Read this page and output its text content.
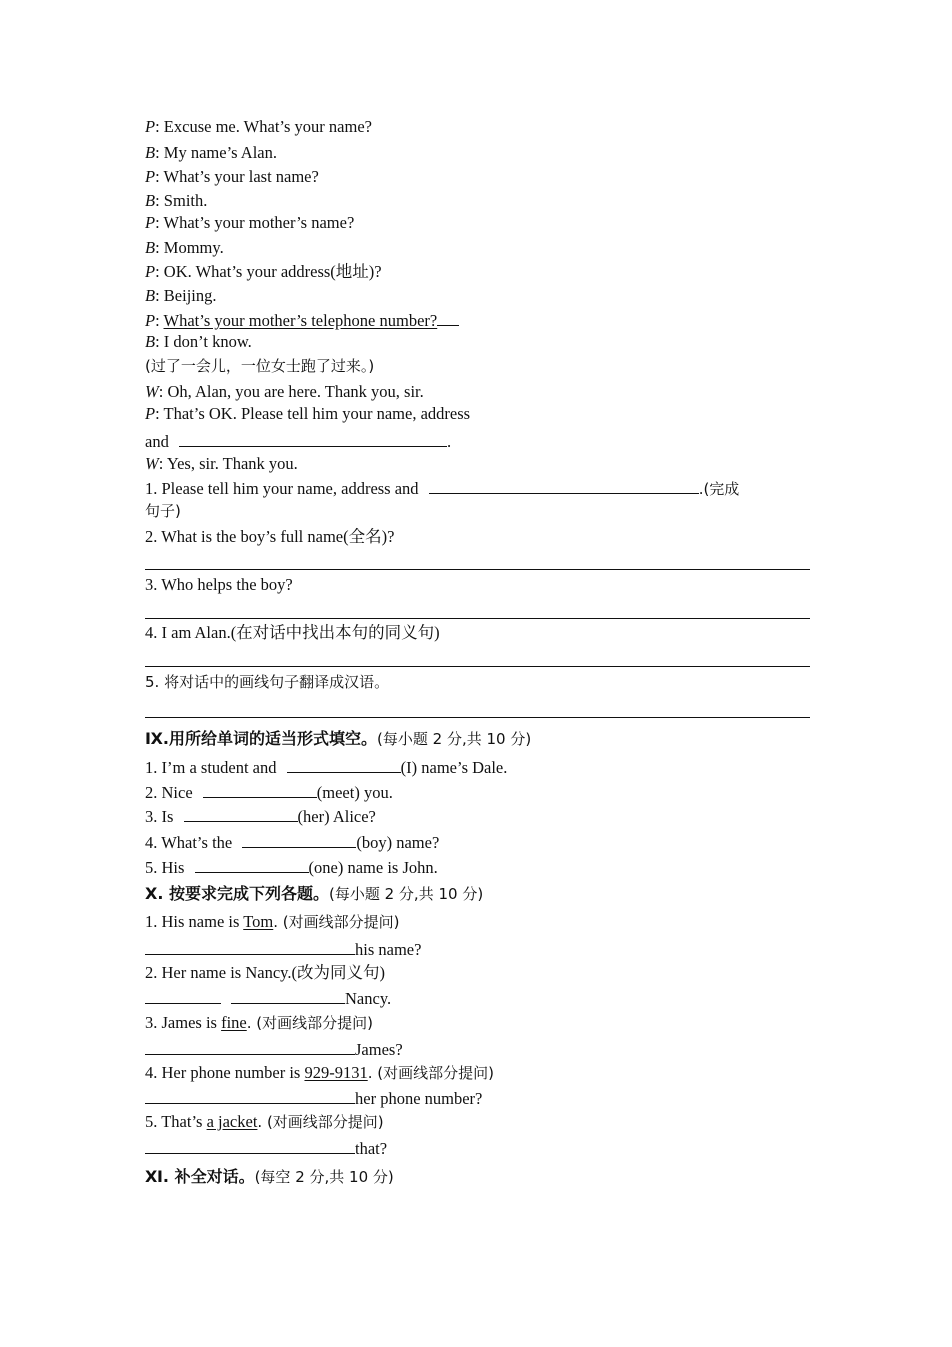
P: Excuse me. What’s your name?
B: My name’s Alan.
P: What’s your last name?
B: Smith.
P: What’s your mother’s name?
B: Mommy.
P: OK. What’s your address(地址)?
B: Beijing.
P: What’s your mother’s telephone number?
B: I don’t know.
(过了一会儿，一位女士跑了过来。)
W: Oh, Alan, you are here. Thank you, sir.
P: That’s OK. Please tell him your name, address
and	.
W: Yes, sir. Thank you.
1. Please tell him your name, address and	.(完成
句子)
2. What is the boy’s full name(全名)?
3. Who helps the boy?
4. I am Alan.(在对话中找出本句的同义句)
5. 将对话中的画线句子翻译成汉语。
Ⅸ.用所给单词的适当形式填空。(每小题 2 分,共 10 分)
1. I’m a student and	(I) name’s Dale.
2. Nice	(meet) you.
3. Is	(her) Alice?
4. What’s the	(boy) name?
5. His	(one) name is John.
Ⅹ. 按要求完成下列各题。(每小题 2 分,共 10 分)
1. His name is Tom. (对画线部分提问)
his name?
2. Her name is Nancy.(改为同义句)
Nancy.
3. James is fine. (对画线部分提问)
James?
4. Her phone number is 929-9131. (对画线部分提问)
her phone number?
5. That’s a jacket. (对画线部分提问)
that?
Ⅺ. 补全对话。(每空 2 分,共 10 分)
